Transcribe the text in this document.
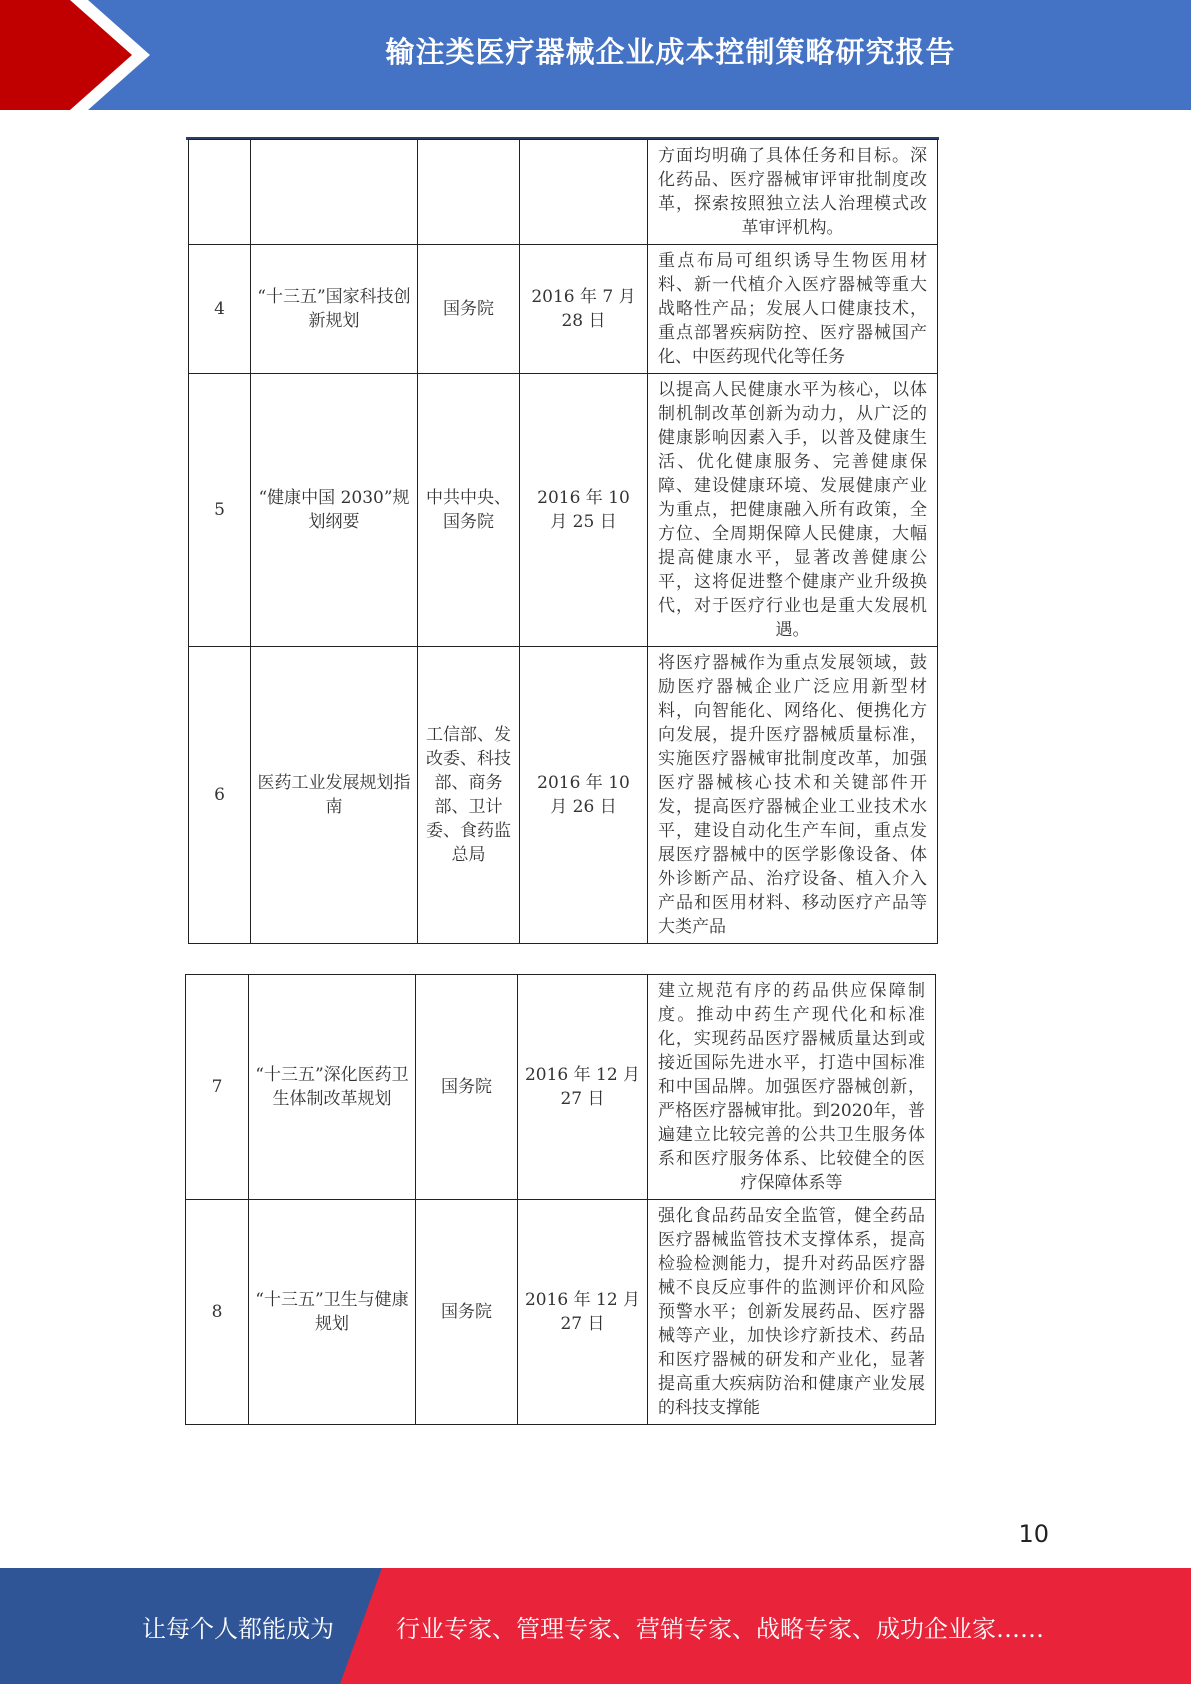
输注类医疗器械企业成本控制策略研究报告
				方面均明确了具体任务和目标。深化药品、医疗器械审评审批制度改革，探索按照独立法人治理模式改革审评机构。
4	“十三五”国家科技创新规划	国务院	2016 年 7 月 28 日	重点布局可组织诱导生物医用材料、新一代植介入医疗器械等重大战略性产品；发展人口健康技术，重点部署疾病防控、医疗器械国产化、中医药现代化等任务
5	“健康中国 2030”规划纲要	中共中央、国务院	2016 年 10 月 25 日	以提高人民健康水平为核心，以体制机制改革创新为动力，从广泛的健康影响因素入手，以普及健康生活、优化健康服务、完善健康保障、建设健康环境、发展健康产业为重点，把健康融入所有政策，全方位、全周期保障人民健康，大幅提高健康水平，显著改善健康公平，这将促进整个健康产业升级换代，对于医疗行业也是重大发展机遇。
6	医药工业发展规划指南	工信部、发改委、科技部、商务部、卫计委、食药监总局	2016 年 10 月 26 日	将医疗器械作为重点发展领域，鼓励医疗器械企业广泛应用新型材料，向智能化、网络化、便携化方向发展，提升医疗器械质量标准，实施医疗器械审批制度改革，加强医疗器械核心技术和关键部件开发，提高医疗器械企业工业技术水平，建设自动化生产车间，重点发展医疗器械中的医学影像设备、体外诊断产品、治疗设备、植入介入产品和医用材料、移动医疗产品等大类产品
7	“十三五”深化医药卫生体制改革规划	国务院	2016 年 12 月 27 日	建立规范有序的药品供应保障制度。推动中药生产现代化和标准化，实现药品医疗器械质量达到或接近国际先进水平，打造中国标准和中国品牌。加强医疗器械创新，严格医疗器械审批。到2020年，普遍建立比较完善的公共卫生服务体系和医疗服务体系、比较健全的医疗保障体系等
8	“十三五”卫生与健康规划	国务院	2016 年 12 月 27 日	强化食品药品安全监管，健全药品医疗器械监管技术支撑体系，提高检验检测能力，提升对药品医疗器械不良反应事件的监测评价和风险预警水平；创新发展药品、医疗器械等产业，加快诊疗新技术、药品和医疗器械的研发和产业化，显著提高重大疾病防治和健康产业发展的科技支撑能
10
让每个人都能成为	行业专家、管理专家、营销专家、战略专家、成功企业家……
